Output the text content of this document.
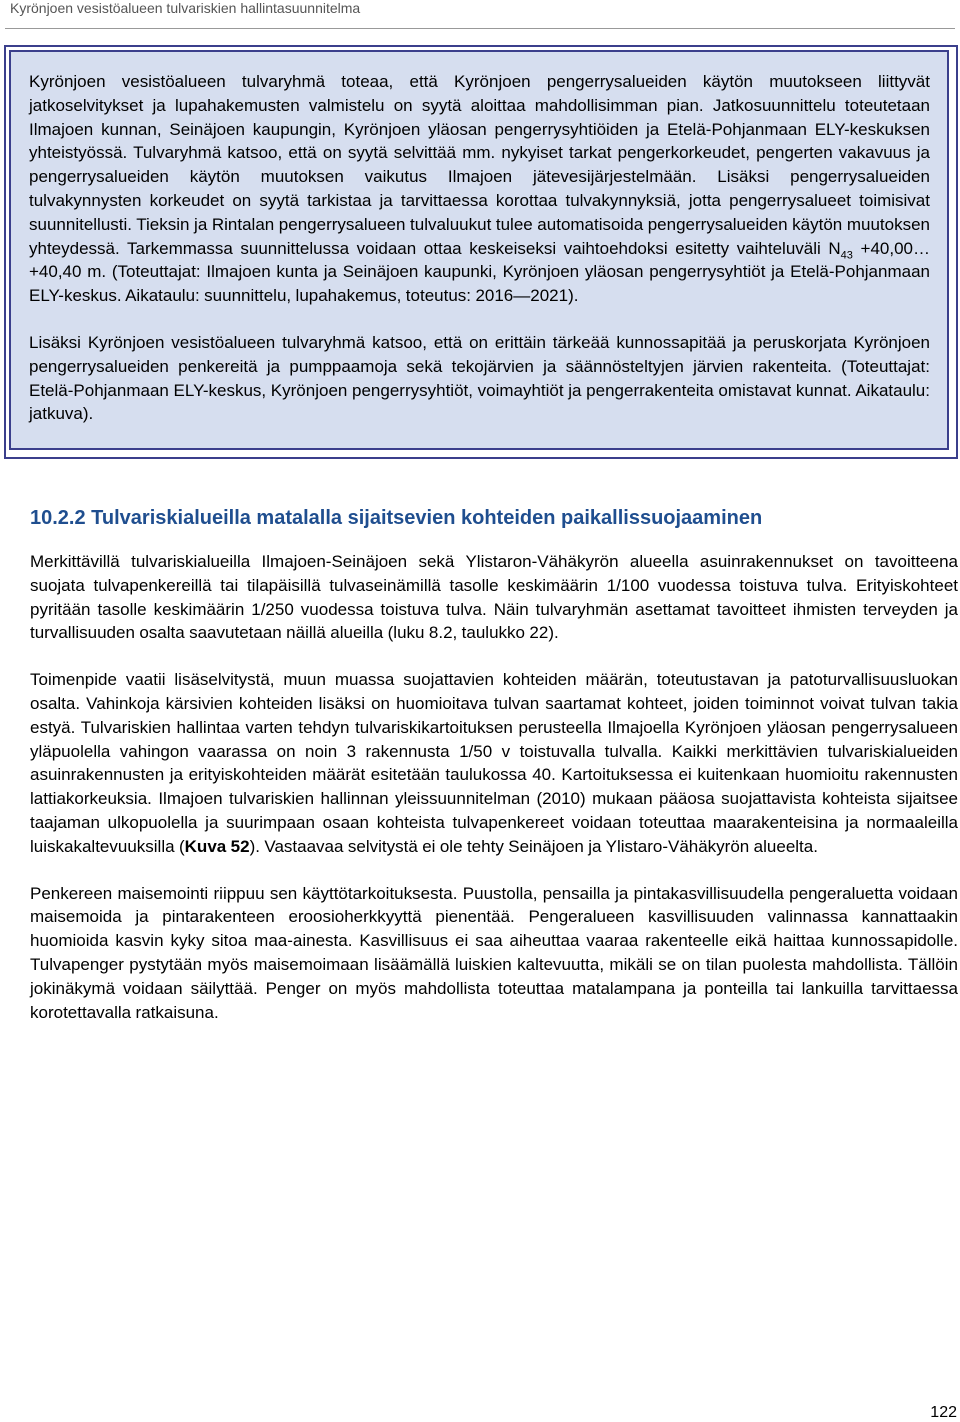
Kyrönjoen vesistöalueen tulvariskien hallintasuunnitelma

Kyrönjoen vesistöalueen tulvaryhmä toteaa, että Kyrönjoen pengerrysalueiden käytön muutokseen liittyvät jatkoselvitykset ja lupahakemusten valmistelu on syytä aloittaa mahdollisimman pian. Jatkosuunnittelu toteutetaan Ilmajoen kunnan, Seinäjoen kaupungin, Kyrönjoen yläosan pengerrysyhtiöiden ja Etelä-Pohjanmaan ELY-keskuksen yhteistyössä. Tulvaryhmä katsoo, että on syytä selvittää mm. nykyiset tarkat pengerkorkeudet, pengerten vakavuus ja pengerrysalueiden käytön muutoksen vaikutus Ilmajoen jätevesijärjestelmään. Lisäksi pengerrysalueiden tulvakynnysten korkeudet on syytä tarkistaa ja tarvittaessa korottaa tulvakynnyksiä, jotta pengerrysalueet toimisivat suunnitellusti. Tieksin ja Rintalan pengerrysalueen tulvaluukut tulee automatisoida pengerrysalueiden käytön muutoksen yhteydessä. Tarkemmassa suunnittelussa voidaan ottaa keskeiseksi vaihtoehdoksi esitetty vaihteluväli $N_{43}$ +40,00…+40,40 m. (Toteuttajat: Ilmajoen kunta ja Seinäjoen kaupunki, Kyrönjoen yläosan pengerrysyhtiöt ja Etelä-Pohjanmaan ELY-keskus. Aikataulu: suunnittelu, lupahakemus, toteutus: 2016—2021).

Lisäksi Kyrönjoen vesistöalueen tulvaryhmä katsoo, että on erittäin tärkeää kunnossapitää ja peruskorjata Kyrönjoen pengerrysalueiden penkereitä ja pumppaamoja sekä tekojärvien ja säännösteltyjen järvien rakenteita. (Toteuttajat: Etelä-Pohjanmaan ELY-keskus, Kyrönjoen pengerrysyhtiöt, voimayhtiöt ja pengerrakenteita omistavat kunnat. Aikataulu: jatkuva).

10.2.2 Tulvariskialueilla matalalla sijaitsevien kohteiden paikallissuojaaminen

Merkittävillä tulvariskialueilla Ilmajoen-Seinäjoen sekä Ylistaron-Vähäkyrön alueella asuinrakennukset on tavoitteena suojata tulvapenkereillä tai tilapäisillä tulvaseinämillä tasolle keskimäärin 1/100 vuodessa toistuva tulva. Erityiskohteet pyritään tasolle keskimäärin 1/250 vuodessa toistuva tulva. Näin tulvaryhmän asettamat tavoitteet ihmisten terveyden ja turvallisuuden osalta saavutetaan näillä alueilla (luku 8.2, taulukko 22).

Toimenpide vaatii lisäselvitystä, muun muassa suojattavien kohteiden määrän, toteutustavan ja patoturvallisuusluokan osalta. Vahinkoja kärsivien kohteiden lisäksi on huomioitava tulvan saartamat kohteet, joiden toiminnot voivat tulvan takia estyä. Tulvariskien hallintaa varten tehdyn tulvariskikartoituksen perusteella Ilmajoella Kyrönjoen yläosan pengerrysalueen yläpuolella vahingon vaarassa on noin 3 rakennusta 1/50 v toistuvalla tulvalla. Kaikki merkittävien tulvariskialueiden asuinrakennusten ja erityiskohteiden määrät esitetään taulukossa 40. Kartoituksessa ei kuitenkaan huomioitu rakennusten lattiakorkeuksia. Ilmajoen tulvariskien hallinnan yleissuunnitelman (2010) mukaan pääosa suojattavista kohteista sijaitsee taajaman ulkopuolella ja suurimpaan osaan kohteista tulvapenkereet voidaan toteuttaa maarakenteisina ja normaaleilla luiskakaltevuuksilla (Kuva 52). Vastaavaa selvitystä ei ole tehty Seinäjoen ja Ylistaro-Vähäkyrön alueelta.

Penkereen maisemointi riippuu sen käyttötarkoituksesta. Puustolla, pensailla ja pintakasvillisuudella pengeraluetta voidaan maisemoida ja pintarakenteen eroosioherkkyyttä pienentää. Pengeralueen kasvillisuuden valinnassa kannattaakin huomioida kasvin kyky sitoa maa-ainesta. Kasvillisuus ei saa aiheuttaa vaaraa rakenteelle eikä haittaa kunnossapidolle. Tulvapenger pystytään myös maisemoimaan lisäämällä luiskien kaltevuutta, mikäli se on tilan puolesta mahdollista. Tällöin jokinäkymä voidaan säilyttää. Penger on myös mahdollista toteuttaa matalampana ja ponteilla tai lankuilla tarvittaessa korotettavalla ratkaisuna.

122
